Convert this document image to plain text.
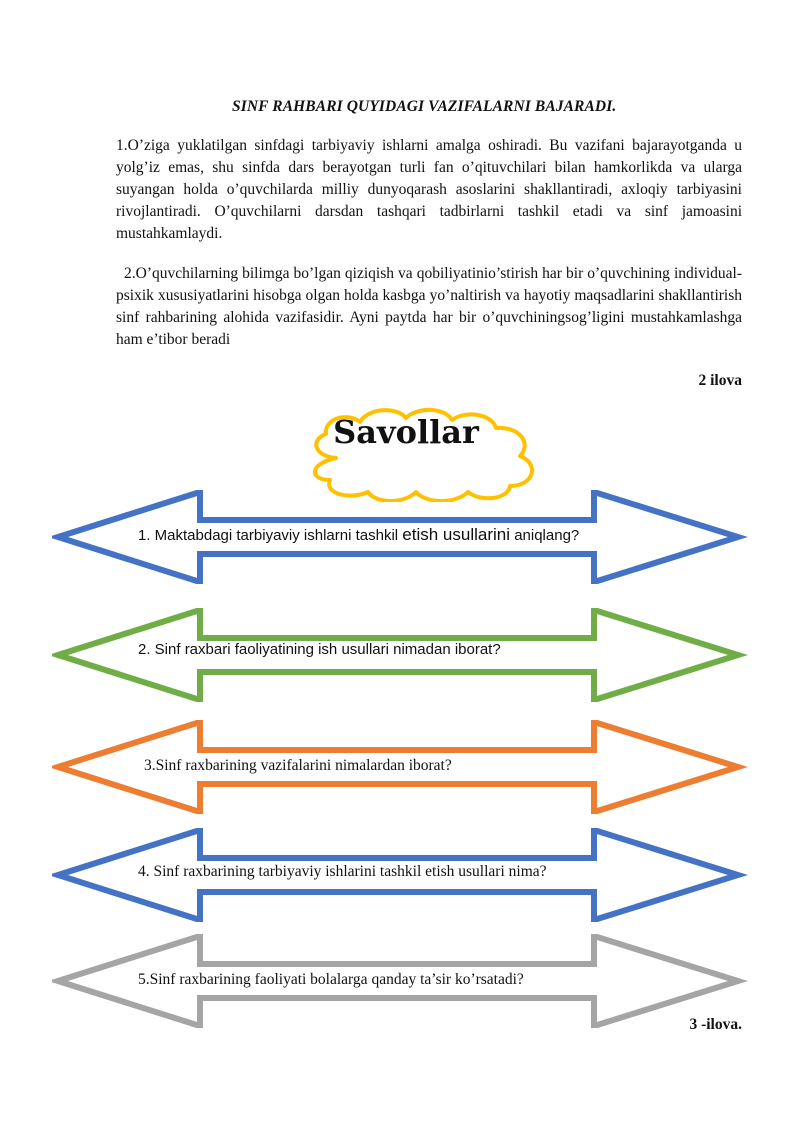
SINF RAHBARI QUYIDAGI VAZIFALARNI BAJARADI.

1.O’ziga yuklatilgan sinfdagi tarbiyaviy ishlarni amalga oshiradi. Bu vazifani bajarayotganda u yolg’iz emas, shu sinfda dars berayotgan turli fan o’qituvchilari bilan hamkorlikda va ularga suyangan holda o’quvchilarda milliy dunyoqarash asoslarini shakllantiradi, axloqiy tarbiyasini rivojlantiradi. O’quvchilarni darsdan tashqari tadbirlarni tashkil etadi va sinf jamoasini mustahkamlaydi.

2.O’quvchilarning bilimga bo’lgan qiziqish va qobiliyatinio’stirish har bir o’quvchining individual-psixik xususiyatlarini hisobga olgan holda kasbga yo’naltirish va hayotiy maqsadlarini shakllantirish sinf rahbarining alohida vazifasidir. Ayni paytda har bir o’quvchiningsog’ligini mustahkamlashga ham e’tibor beradi

2 ilova
Savollar
1. Maktabdagi tarbiyaviy ishlarni tashkil etish usullarini aniqlang?
2. Sinf raxbari faoliyatining ish usullari nimadan iborat?
3.Sinf raxbarining vazifalarini nimalardan iborat?
4. Sinf raxbarining tarbiyaviy ishlarini tashkil etish usullari nima?
5.Sinf raxbarining faoliyati bolalarga qanday ta’sir ko’rsatadi?
3 -ilova.
